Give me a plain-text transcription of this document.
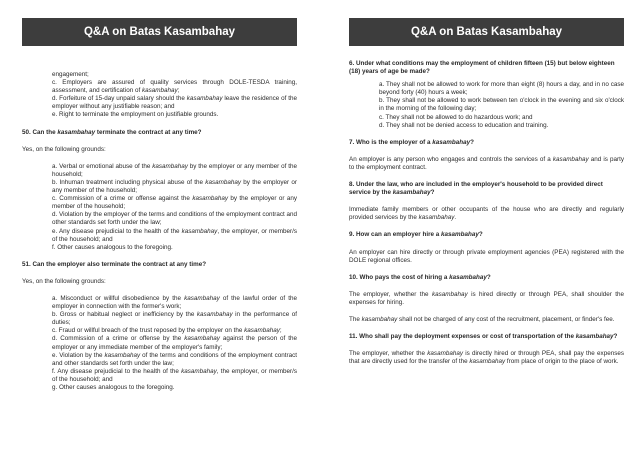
Q&A on Batas Kasambahay

engagement;

c. Employers are assured of quality services through DOLE-TESDA training, assessment, and certification of kasambahay;

d. Forfeiture of 15-day unpaid salary should the kasambahay leave the residence of the employer without any justifiable reason; and

e. Right to terminate the employment on justifiable grounds.

50. Can the kasambahay terminate the contract at any time?

Yes, on the following grounds:

a. Verbal or emotional abuse of the kasambahay by the employer or any member of the household;

b. Inhuman treatment including physical abuse of the kasambahay by the employer or any member of the household;

c. Commission of a crime or offense against the kasambahay by the employer or any member of the household;

d. Violation by the employer of the terms and conditions of the employment contract and other standards set forth under the law;

e. Any disease prejudicial to the health of the kasambahay, the employer, or member/s of the household; and

f. Other causes analogous to the foregoing.

51. Can the employer also terminate the contract at any time?

Yes, on the following grounds:

a. Misconduct or willful disobedience by the kasambahay of the lawful order of the employer in connection with the former's work;

b. Gross or habitual neglect or inefficiency by the kasambahay in the performance of duties;

c. Fraud or willful breach of the trust reposed by the employer on the kasambahay;

d. Commission of a crime or offense by the kasambahay against the person of the employer or any immediate member of the employer's family;

e. Violation by the kasambahay of the terms and conditions of the employment contract and other standards set forth under the law;

f. Any disease prejudicial to the health of the kasambahay, the employer, or member/s of the household; and

g. Other causes analogous to the foregoing.

Q&A on Batas Kasambahay

6. Under what conditions may the employment of children fifteen (15) but below eighteen (18) years of age be made?

a. They shall not be allowed to work for more than eight (8) hours a day, and in no case beyond forty (40) hours a week;

b. They shall not be allowed to work between ten o'clock in the evening and six o'clock in the morning of the following day;

c. They shall not be allowed to do hazardous work; and

d. They shall not be denied access to education and training.

7. Who is the employer of a kasambahay?

An employer is any person who engages and controls the services of a kasambahay and is party to the employment contract.

8. Under the law, who are included in the employer's household to be provided direct service by the kasambahay?

Immediate family members or other occupants of the house who are directly and regularly provided services by the kasambahay.

9. How can an employer hire a kasambahay?

An employer can hire directly or through private employment agencies (PEA) registered with the DOLE regional offices.

10. Who pays the cost of hiring a kasambahay?

The employer, whether the kasambahay is hired directly or through PEA, shall shoulder the expenses for hiring.

The kasambahay shall not be charged of any cost of the recruitment, placement, or finder's fee.

11. Who shall pay the deployment expenses or cost of transportation of the kasambahay?

The employer, whether the kasambahay is directly hired or through PEA, shall pay the expenses that are directly used for the transfer of the kasambahay from place of origin to the place of work.
